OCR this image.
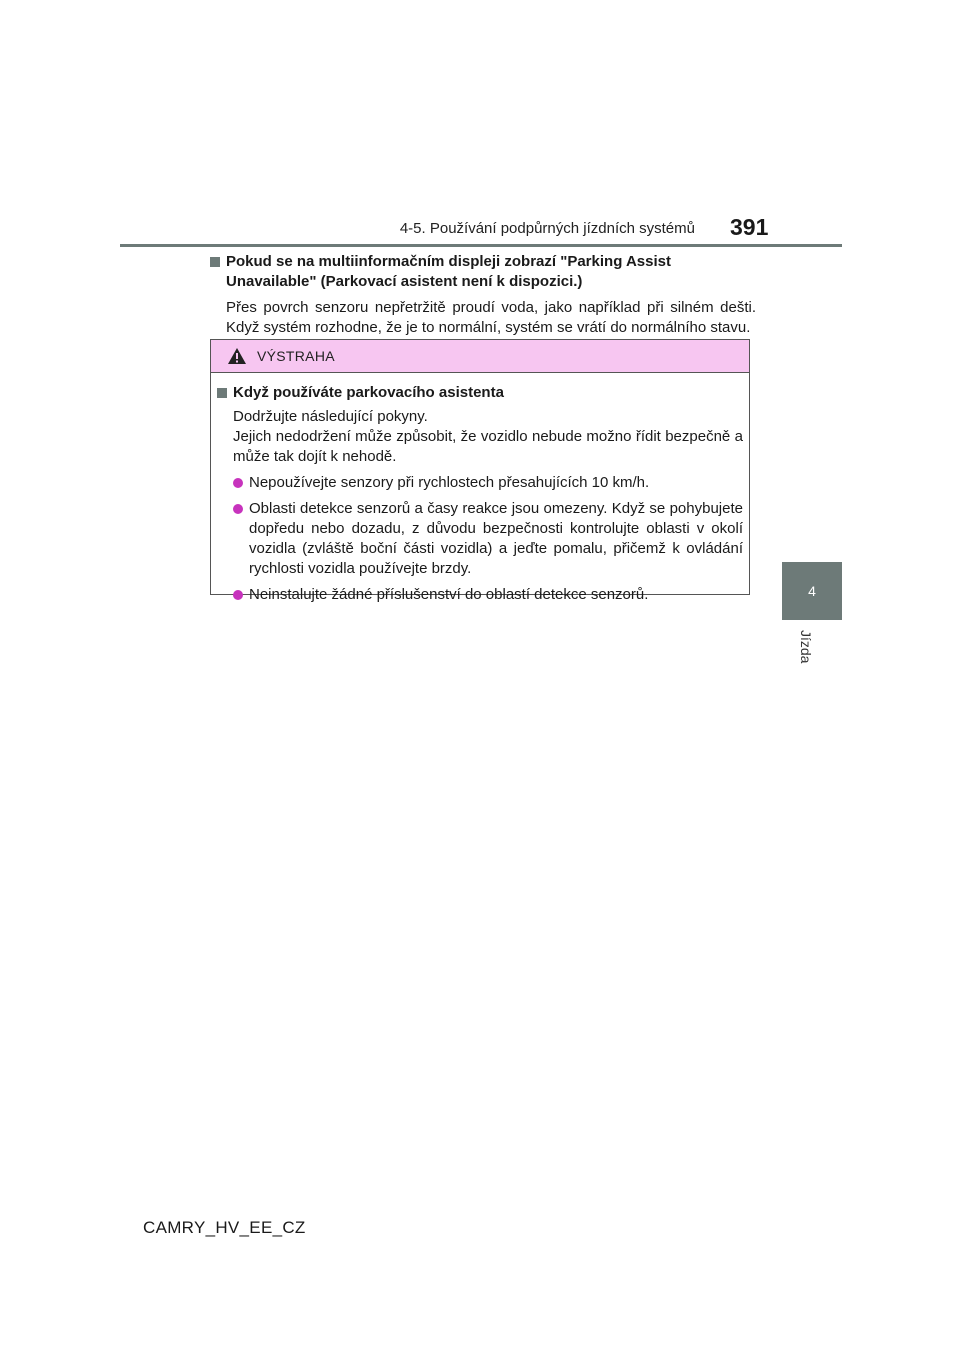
4-5. Používání podpůrných jízdních systémů 391
4
Jízda

Pokud se na multiinformačním displeji zobrazí "Parking Assist Unavailable" (Parkovací asistent není k dispozici.)

Přes povrch senzoru nepřetržitě proudí voda, jako například při silném dešti. Když systém rozhodne, že je to normální, systém se vrátí do normálního stavu.

VÝSTRAHA

Když používáte parkovacího asistenta

Dodržujte následující pokyny.

Jejich nedodržení může způsobit, že vozidlo nebude možno řídit bezpečně a může tak dojít k nehodě.

Nepoužívejte senzory při rychlostech přesahujících 10 km/h.
Oblasti detekce senzorů a časy reakce jsou omezeny. Když se pohybujete dopředu nebo dozadu, z důvodu bezpečnosti kontrolujte oblasti v okolí vozidla (zvláště boční části vozidla) a jeďte pomalu, přičemž k ovládání rychlosti vozidla používejte brzdy.
Neinstalujte žádné příslušenství do oblastí detekce senzorů.
CAMRY_HV_EE_CZ
